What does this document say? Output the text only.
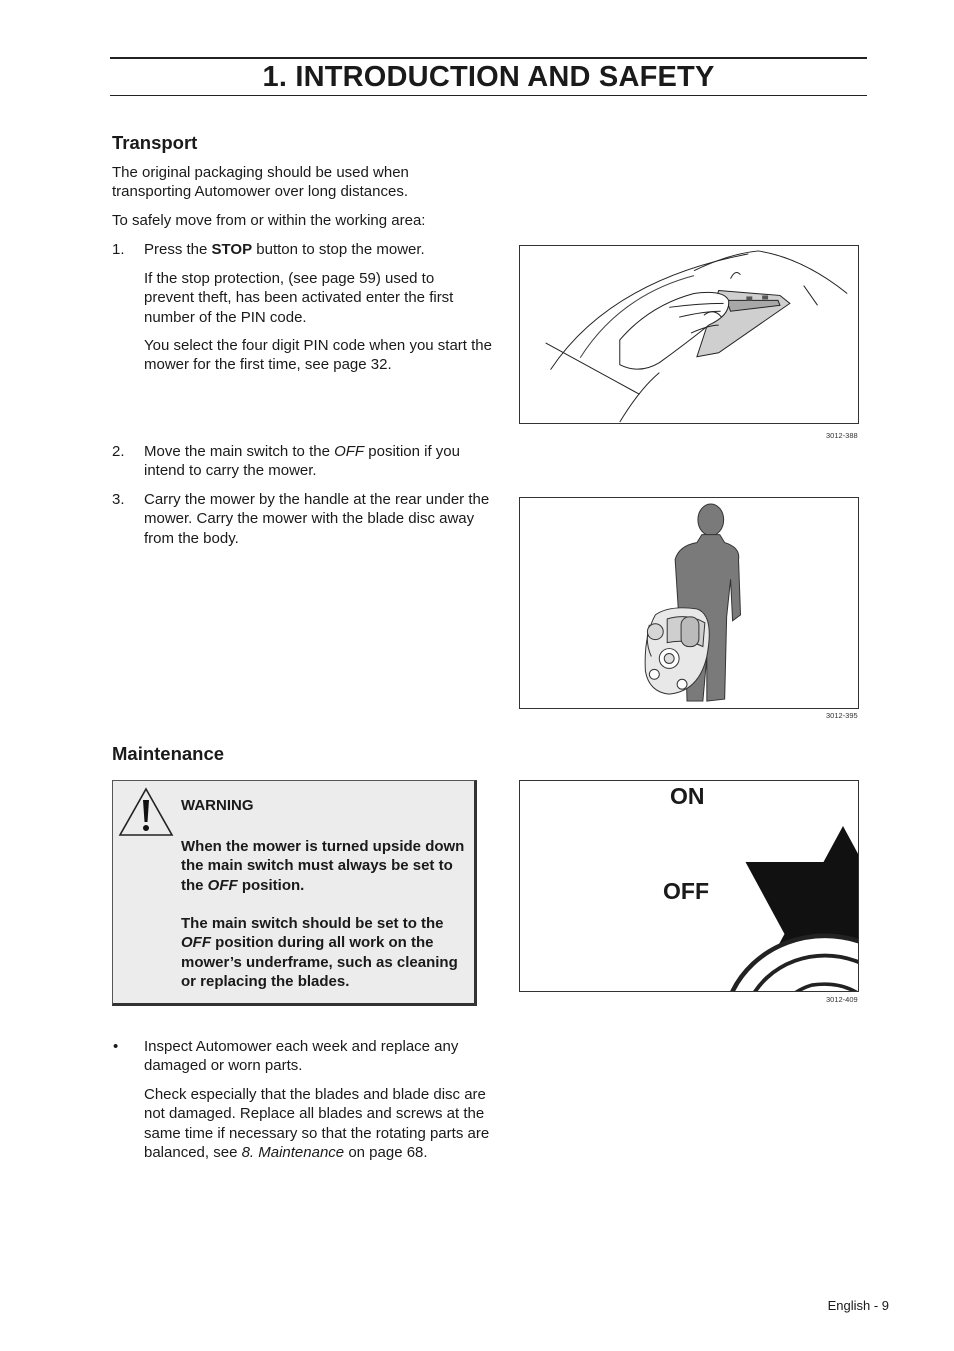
1. INTRODUCTION AND SAFETY
Transport

The original packaging should be used when transporting Automower over long distances.

To safely move from or within the working area:

1. Press the STOP button to stop the mower.

If the stop protection, (see page 59) used to prevent theft, has been activated enter the first number of the PIN code.

You select the four digit PIN code when you start the mower for the first time, see page 32.

2. Move the main switch to the OFF position if you intend to carry the mower.

3. Carry the mower by the handle at the rear under the mower. Carry the mower with the blade disc away from the body.

3012-388
3012-395
Maintenance
WARNING

When the mower is turned upside down the main switch must always be set to the OFF position.

The main switch should be set to the OFF position during all work on the mower’s underframe, such as cleaning or replacing the blades.

ON
OFF
3012-409
• Inspect Automower each week and replace any damaged or worn parts.

Check especially that the blades and blade disc are not damaged. Replace all blades and screws at the same time if necessary so that the rotating parts are balanced, see 8. Maintenance on page 68.

English - 9
